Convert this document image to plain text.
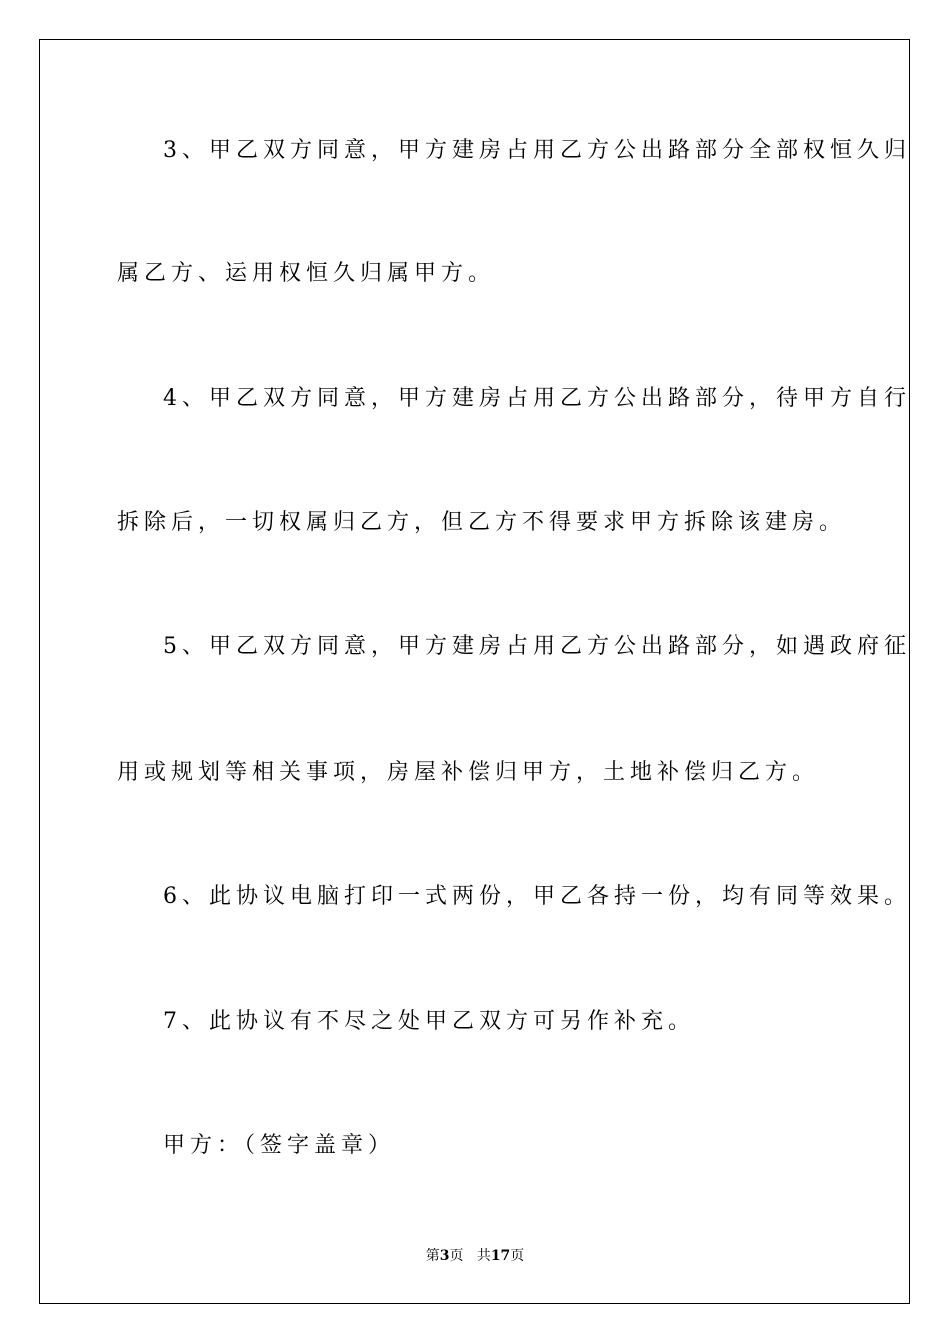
3、甲乙双方同意，甲方建房占用乙方公出路部分全部权恒久归
属乙方、运用权恒久归属甲方。
4、甲乙双方同意，甲方建房占用乙方公出路部分，待甲方自行
拆除后，一切权属归乙方，但乙方不得要求甲方拆除该建房。
5、甲乙双方同意，甲方建房占用乙方公出路部分，如遇政府征
用或规划等相关事项，房屋补偿归甲方，土地补偿归乙方。
6、此协议电脑打印一式两份，甲乙各持一份，均有同等效果。
7、此协议有不尽之处甲乙双方可另作补充。
甲方：（签字盖章）
第3页 共17页
